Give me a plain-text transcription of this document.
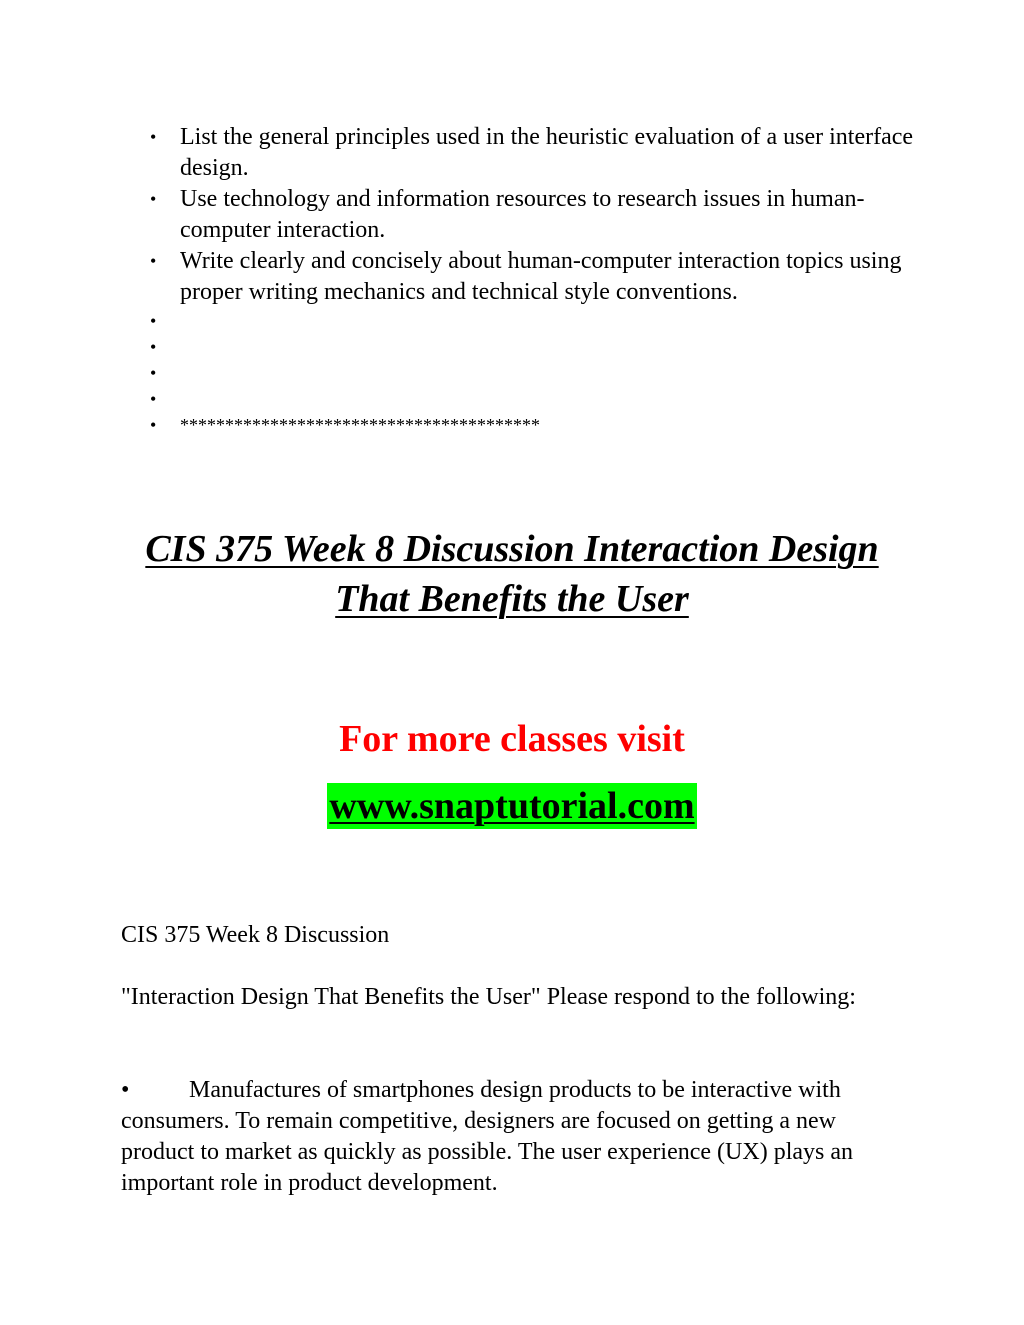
• List the general principles used in the heuristic evaluation of a user interface design.
• Use technology and information resources to research issues in human-computer interaction.
• Write clearly and concisely about human-computer interaction topics using proper writing mechanics and technical style conventions.
•
•
•
•
• ****************************************
CIS 375 Week 8 Discussion Interaction Design
That Benefits the User

For more classes visit

www.snaptutorial.com

CIS 375 Week 8 Discussion

"Interaction Design That Benefits the User" Please respond to the following:

• Manufactures of smartphones design products to be interactive with consumers. To remain competitive, designers are focused on getting a new product to market as quickly as possible. The user experience (UX) plays an important role in product development.
